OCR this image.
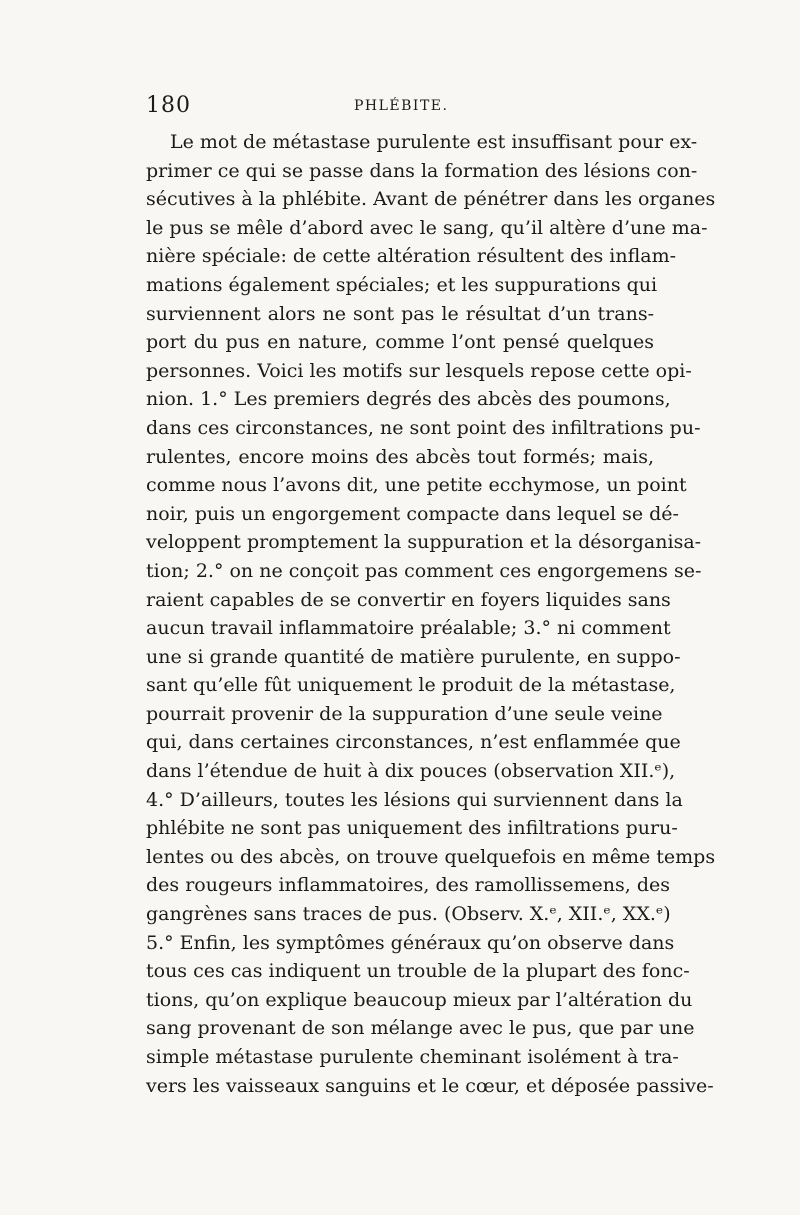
180	PHLÉBITE.
Le mot de métastase purulente est insuffisant pour ex-
primer ce qui se passe dans la formation des lésions con-
sécutives à la phlébite. Avant de pénétrer dans les organes
le pus se mêle d’abord avec le sang, qu’il altère d’une ma-
nière spéciale: de cette altération résultent des inflam-
mations également spéciales; et les suppurations qui
surviennent alors ne sont pas le résultat d’un trans-
port du pus en nature, comme l’ont pensé quelques
personnes. Voici les motifs sur lesquels repose cette opi-
nion. 1.° Les premiers degrés des abcès des poumons,
dans ces circonstances, ne sont point des infiltrations pu-
rulentes, encore moins des abcès tout formés; mais,
comme nous l’avons dit, une petite ecchymose, un point
noir, puis un engorgement compacte dans lequel se dé-
veloppent promptement la suppuration et la désorganisa-
tion; 2.° on ne conçoit pas comment ces engorgemens se-
raient capables de se convertir en foyers liquides sans
aucun travail inflammatoire préalable; 3.° ni comment
une si grande quantité de matière purulente, en suppo-
sant qu’elle fût uniquement le produit de la métastase,
pourrait provenir de la suppuration d’une seule veine
qui, dans certaines circonstances, n’est enflammée que
dans l’étendue de huit à dix pouces (observation XII.ᵉ),
4.° D’ailleurs, toutes les lésions qui surviennent dans la
phlébite ne sont pas uniquement des infiltrations puru-
lentes ou des abcès, on trouve quelquefois en même temps
des rougeurs inflammatoires, des ramollissemens, des
gangrènes sans traces de pus. (Observ. X.ᵉ, XII.ᵉ, XX.ᵉ)
5.° Enfin, les symptômes généraux qu’on observe dans
tous ces cas indiquent un trouble de la plupart des fonc-
tions, qu’on explique beaucoup mieux par l’altération du
sang provenant de son mélange avec le pus, que par une
simple métastase purulente cheminant isolément à tra-
vers les vaisseaux sanguins et le cœur, et déposée passive-
